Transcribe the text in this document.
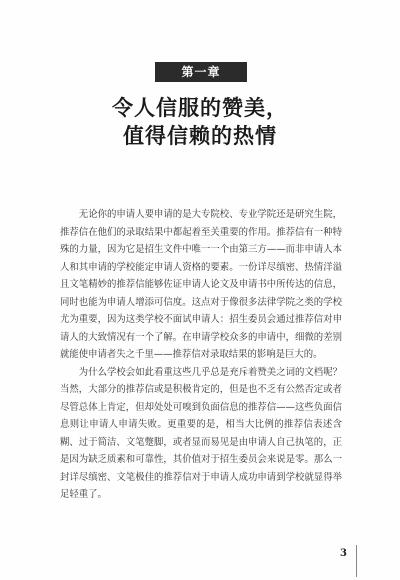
第一章
令人信服的赞美，
值得信赖的热情

无论你的申请人要申请的是大专院校、专业学院还是研究生院，推荐信在他们的录取结果中都起着至关重要的作用。推荐信有一种特殊的力量，因为它是招生文件中唯一一个由第三方——而非申请人本人和其申请的学校能定申请人资格的要素。一份详尽缜密、热情洋溢且文笔精妙的推荐信能够佐证申请人论文及申请书中所传达的信息，同时也能为申请人增添可信度。这点对于像很多法律学院之类的学校尤为重要，因为这类学校不面试申请人：招生委员会通过推荐信对申请人的大致情况有一个了解。在申请学校众多的申请中，细微的差别就能使申请者失之千里——推荐信对录取结果的影响是巨大的。

为什么学校会如此看重这些几乎总是充斥着赞美之词的文档呢？当然，大部分的推荐信或是积极肯定的，但是也不乏有公然否定或者尽管总体上肯定，但却处处可嗅到负面信息的推荐信——这些负面信息则让申请人申请失败。更重要的是，相当大比例的推荐信表述含糊、过于简洁、文笔蹩脚，或者显而易见是由申请人自己执笔的，正是因为缺乏质素和可靠性，其价值对于招生委员会来说是零。那么一封详尽缜密、文笔极佳的推荐信对于申请人成功申请到学校就显得举足轻重了。

3
